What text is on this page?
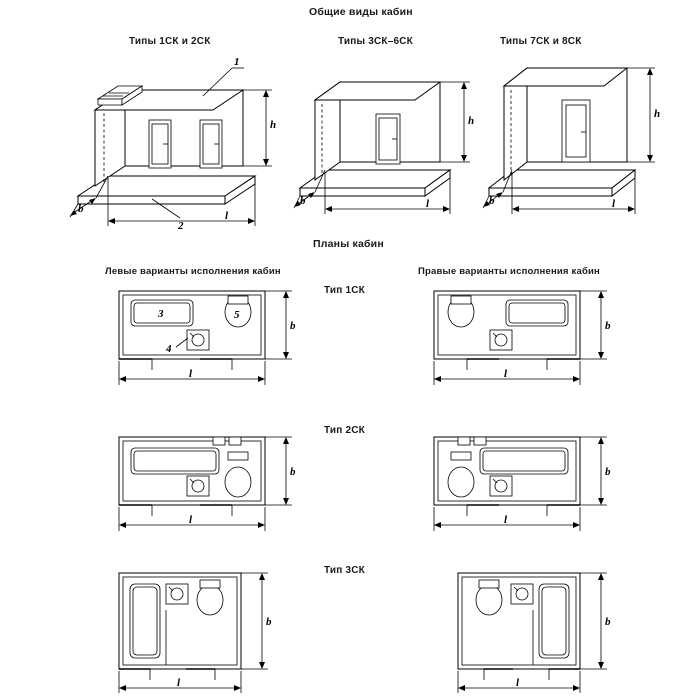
Общие виды кабин
Типы 1СК и 2СК	Типы 3СК–6СК	Типы 7СК и 8СК
Планы кабин
Левые варианты исполнения кабин	Правые варианты исполнения кабин
Тип 1СК
Тип 2СК
Тип 3СК
1
2
h
b
l
h
b	l
h
b	l
3	5
4
b
l
b
l
b
l
b
l
b
l
b
l
